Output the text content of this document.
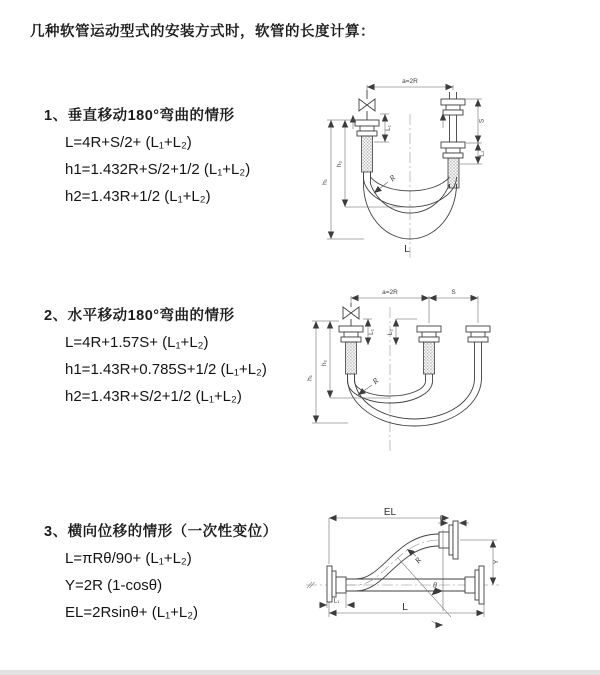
几种软管运动型式的安装方式时，软管的长度计算：
1、垂直移动180°弯曲的情形
L=4R+S/2+ (L₁+L₂)
h1=1.432R+S/2+1/2 (L₁+L₂)
h2=1.43R+1/2 (L₁+L₂)
2、水平移动180°弯曲的情形
L=4R+1.57S+ (L₁+L₂)
h1=1.43R+0.785S+1/2 (L₁+L₂)
h2=1.43R+S/2+1/2 (L₁+L₂)
3、横向位移的情形（一次性变位）
L=πRθ/90+ (L₁+L₂)
Y=2R (1-cosθ)
EL=2Rsinθ+ (L₁+L₂)
a=2R
L₁
S
L₂
h₁
h₂
R
L
a=2R	S
h₁
h₂
L₁ L₂
R
θ
R
EL
L₂
Y
L
L₁
